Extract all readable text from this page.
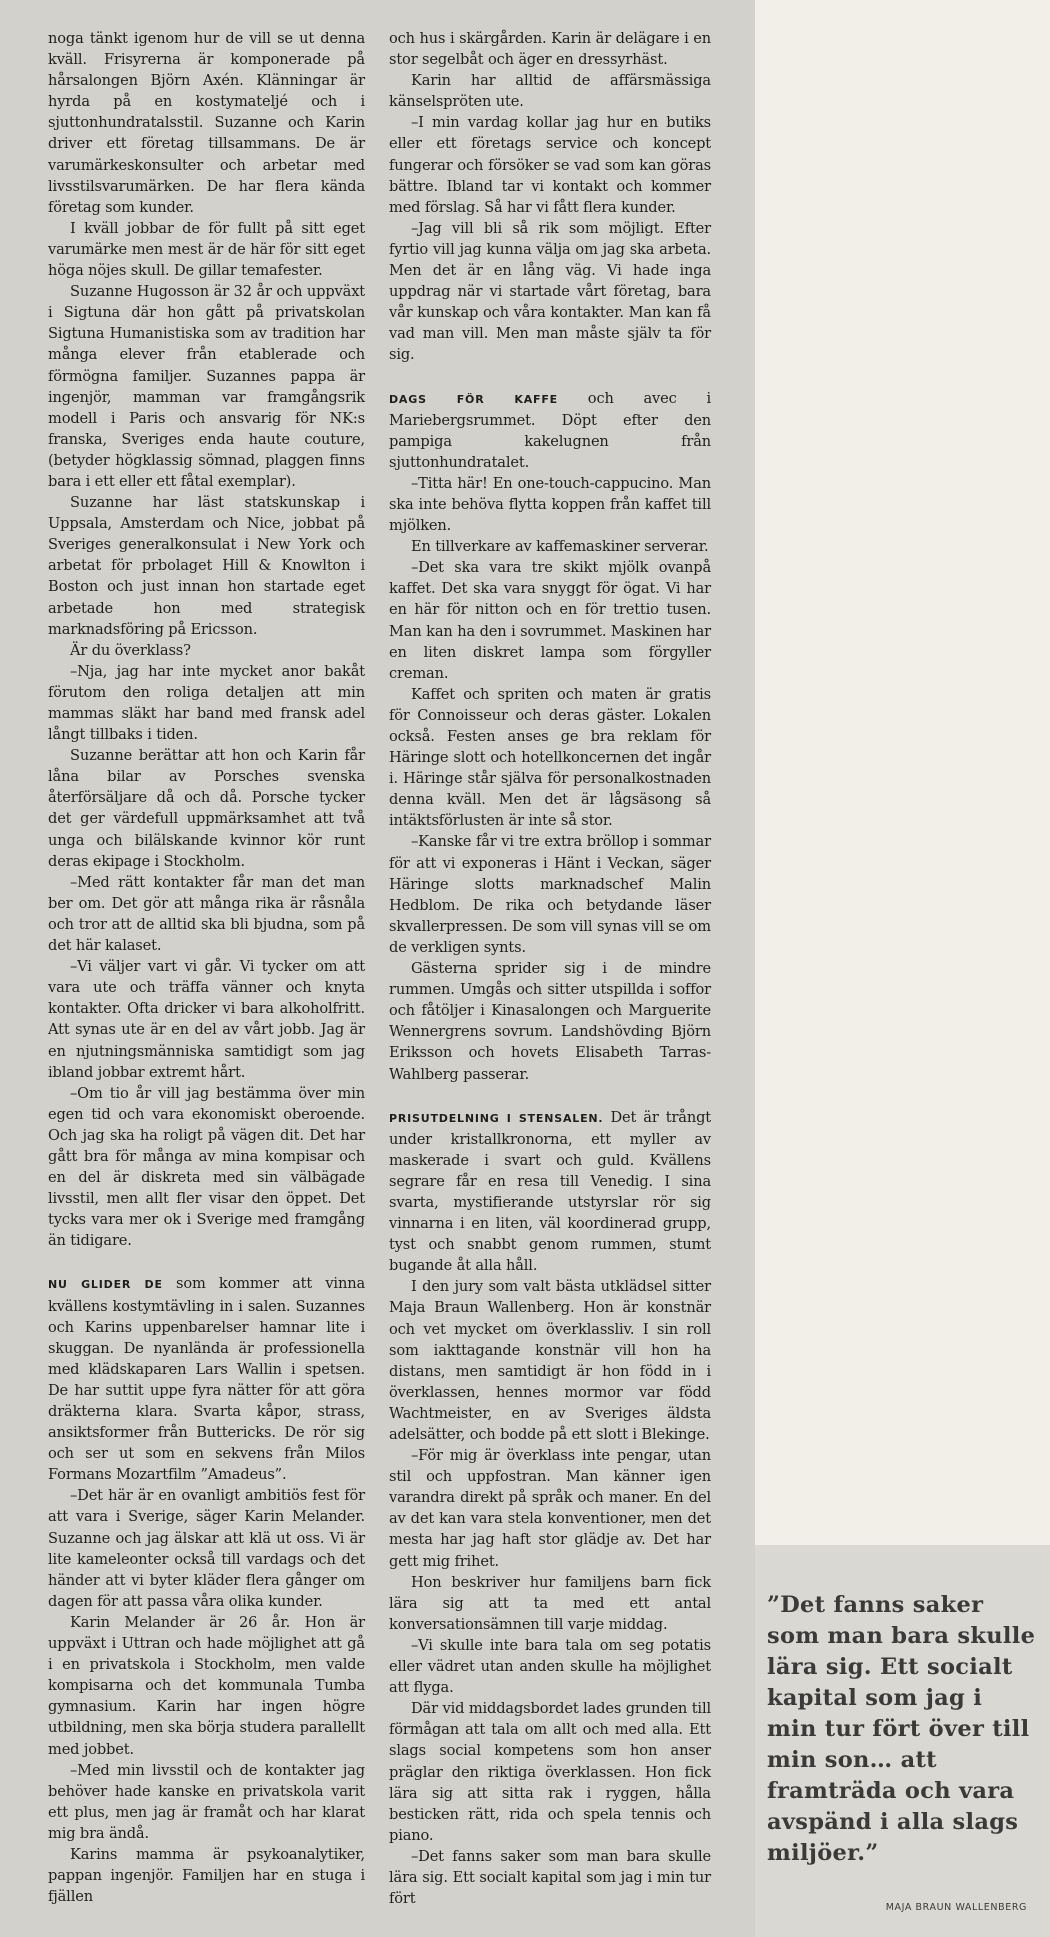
noga tänkt igenom hur de vill se ut denna kväll. Frisyrerna är komponerade på hårsalongen Björn Axén. Klänningar är hyrda på en kostymateljé och i sjuttonhundratalsstil. Suzanne och Karin driver ett företag tillsammans. De är varumärkeskonsulter och arbetar med livsstilsvarumärken. De har flera kända företag som kunder.

I kväll jobbar de för fullt på sitt eget varumärke men mest är de här för sitt eget höga nöjes skull. De gillar temafester.

Suzanne Hugosson är 32 år och uppväxt i Sigtuna där hon gått på privatskolan Sigtuna Humanistiska som av tradition har många elever från etablerade och förmögna familjer. Suzannes pappa är ingenjör, mamman var framgångsrik modell i Paris och ansvarig för NK:s franska, Sveriges enda haute couture, (betyder högklassig sömnad, plaggen finns bara i ett eller ett fåtal exemplar).

Suzanne har läst statskunskap i Uppsala, Amsterdam och Nice, jobbat på Sveriges generalkonsulat i New York och arbetat för prbolaget Hill & Knowlton i Boston och just innan hon startade eget arbetade hon med strategisk marknadsföring på Ericsson.

Är du överklass?

–Nja, jag har inte mycket anor bakåt förutom den roliga detaljen att min mammas släkt har band med fransk adel långt tillbaks i tiden.

Suzanne berättar att hon och Karin får låna bilar av Porsches svenska återförsäljare då och då. Porsche tycker det ger värdefull uppmärksamhet att två unga och bilälskande kvinnor kör runt deras ekipage i Stockholm.

–Med rätt kontakter får man det man ber om. Det gör att många rika är råsnåla och tror att de alltid ska bli bjudna, som på det här kalaset.

–Vi väljer vart vi går. Vi tycker om att vara ute och träffa vänner och knyta kontakter. Ofta dricker vi bara alkoholfritt. Att synas ute är en del av vårt jobb. Jag är en njutningsmänniska samtidigt som jag ibland jobbar extremt hårt.

–Om tio år vill jag bestämma över min egen tid och vara ekonomiskt oberoende. Och jag ska ha roligt på vägen dit. Det har gått bra för många av mina kompisar och en del är diskreta med sin välbägade livsstil, men allt fler visar den öppet. Det tycks vara mer ok i Sverige med framgång än tidigare.

NU GLIDER DE som kommer att vinna kvällens kostymtävling in i salen. Suzannes och Karins uppenbarelser hamnar lite i skuggan. De nyanlända är professionella med klädskaparen Lars Wallin i spetsen. De har suttit uppe fyra nätter för att göra dräkterna klara. Svarta kåpor, strass, ansiktsformer från Buttericks. De rör sig och ser ut som en sekvens från Milos Formans Mozartfilm ”Amadeus”.

–Det här är en ovanligt ambitiös fest för att vara i Sverige, säger Karin Melander. Suzanne och jag älskar att klä ut oss. Vi är lite kameleonter också till vardags och det händer att vi byter kläder flera gånger om dagen för att passa våra olika kunder.

Karin Melander är 26 år. Hon är uppväxt i Uttran och hade möjlighet att gå i en privatskola i Stockholm, men valde kompisarna och det kommunala Tumba gymnasium. Karin har ingen högre utbildning, men ska börja studera parallellt med jobbet.

–Med min livsstil och de kontakter jag behöver hade kanske en privatskola varit ett plus, men jag är framåt och har klarat mig bra ändå.

Karins mamma är psykoanalytiker, pappan ingenjör. Familjen har en stuga i fjällen

och hus i skärgården. Karin är delägare i en stor segelbåt och äger en dressyrhäst.

Karin har alltid de affärsmässiga känselspröten ute.

–I min vardag kollar jag hur en butiks eller ett företags service och koncept fungerar och försöker se vad som kan göras bättre. Ibland tar vi kontakt och kommer med förslag. Så har vi fått flera kunder.

–Jag vill bli så rik som möjligt. Efter fyrtio vill jag kunna välja om jag ska arbeta. Men det är en lång väg. Vi hade inga uppdrag när vi startade vårt företag, bara vår kunskap och våra kontakter. Man kan få vad man vill. Men man måste själv ta för sig.

DAGS FÖR KAFFE och avec i Mariebergsrummet. Döpt efter den pampiga kakelugnen från sjuttonhundratalet.

–Titta här! En one-touch-cappucino. Man ska inte behöva flytta koppen från kaffet till mjölken.

En tillverkare av kaffemaskiner serverar.

–Det ska vara tre skikt mjölk ovanpå kaffet. Det ska vara snyggt för ögat. Vi har en här för nitton och en för trettio tusen. Man kan ha den i sovrummet. Maskinen har en liten diskret lampa som förgyller creman.

Kaffet och spriten och maten är gratis för Connoisseur och deras gäster. Lokalen också. Festen anses ge bra reklam för Häringe slott och hotellkoncernen det ingår i. Häringe står själva för personalkostnaden denna kväll. Men det är lågsäsong så intäktsförlusten är inte så stor.

–Kanske får vi tre extra bröllop i sommar för att vi exponeras i Hänt i Veckan, säger Häringe slotts marknadschef Malin Hedblom. De rika och betydande läser skvallerpressen. De som vill synas vill se om de verkligen synts.

Gästerna sprider sig i de mindre rummen. Umgås och sitter utspillda i soffor och fåtöljer i Kinasalongen och Marguerite Wennergrens sovrum. Landshövding Björn Eriksson och hovets Elisabeth Tarras-Wahlberg passerar.

PRISUTDELNING I STENSALEN. Det är trångt under kristallkronorna, ett myller av maskerade i svart och guld. Kvällens segrare får en resa till Venedig. I sina svarta, mystifierande utstyrslar rör sig vinnarna i en liten, väl koordinerad grupp, tyst och snabbt genom rummen, stumt bugande åt alla håll.

I den jury som valt bästa utklädsel sitter Maja Braun Wallenberg. Hon är konstnär och vet mycket om överklassliv. I sin roll som iakttagande konstnär vill hon ha distans, men samtidigt är hon född in i överklassen, hennes mormor var född Wachtmeister, en av Sveriges äldsta adelsätter, och bodde på ett slott i Blekinge.

–För mig är överklass inte pengar, utan stil och uppfostran. Man känner igen varandra direkt på språk och maner. En del av det kan vara stela konventioner, men det mesta har jag haft stor glädje av. Det har gett mig frihet.

Hon beskriver hur familjens barn fick lära sig att ta med ett antal konversationsämnen till varje middag.

–Vi skulle inte bara tala om seg potatis eller vädret utan anden skulle ha möjlighet att flyga.

Där vid middagsbordet lades grunden till förmågan att tala om allt och med alla. Ett slags social kompetens som hon anser präglar den riktiga överklassen. Hon fick lära sig att sitta rak i ryggen, hålla besticken rätt, rida och spela tennis och piano.

–Det fanns saker som man bara skulle lära sig. Ett socialt kapital som jag i min tur fört

”Det fanns saker som man bara skulle lära sig. Ett socialt kapital som jag i min tur fört över till min son… att framträda och vara avspänd i alla slags miljöer.”
MAJA BRAUN WALLENBERG
